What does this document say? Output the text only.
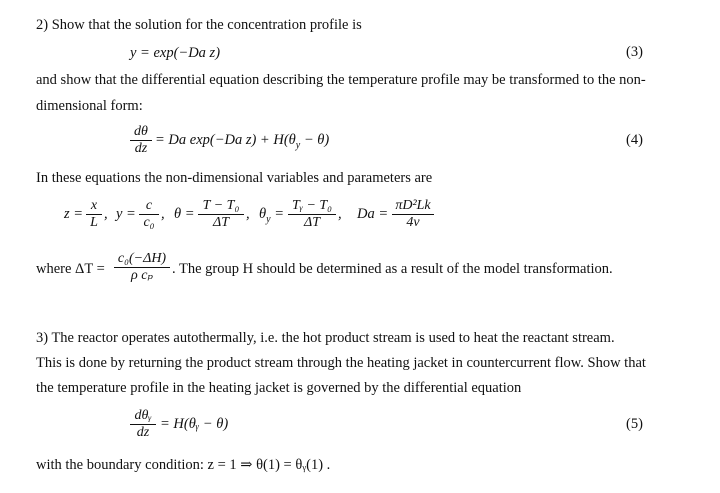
2) Show that the solution for the concentration profile is
y = exp(−Da z)	(3)
and show that the differential equation describing the temperature profile may be transformed to the non-
dimensional form:
$\frac{d\theta}{dz} = Da$ exp(−Da $z) + H(\theta_y - \theta)$	(4)
In these equations the non-dimensional variables and parameters are
$z = \frac{x}{L}$ , $y = \frac{c}{\text{c₀}}$ , $\theta = \frac{\text{T − T₀}}{\Delta T}$ , $\theta_y = \frac{\text{Tᵧ − T₀}}{\Delta T}$ , $Da = \frac{\text{πD²Lk}}{4v}$
where $\Delta T = \frac{\text{c₀(−ΔH)}}{\text{ρ cₚ}}$ . The group H should be determined as a result of the model transformation.
3) The reactor operates autothermally, i.e. the hot product stream is used to heat the reactant stream.
This is done by returning the product stream through the heating jacket in countercurrent flow. Show that
the temperature profile in the heating jacket is governed by the differential equation
dθᵧ
dz
= H(θᵧ − θ)	(5)
with the boundary condition: z = 1 ⇒ θ(1) = θᵧ(1) .
